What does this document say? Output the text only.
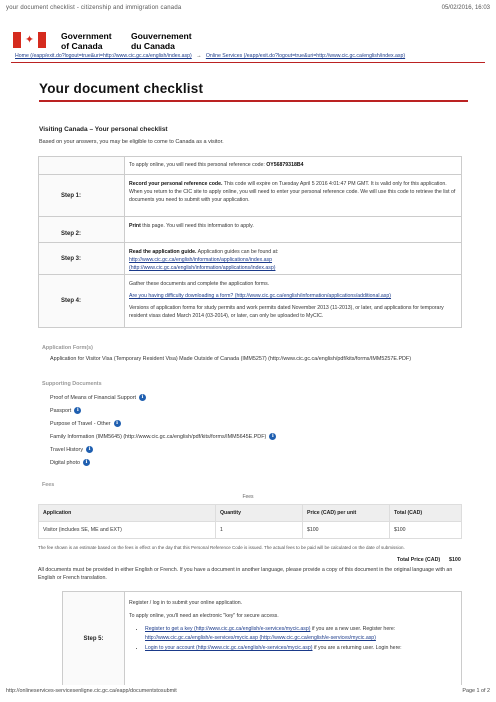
your document checklist - citizenship and immigration canada	05/02/2016, 16:03
✦	Government
of Canada
Gouvernement
du Canada
Home (/eapp/exit.do?logout=true&uri=http://www.cic.gc.ca/english/index.asp) → Online Services (/eapp/exit.do?logout=true&uri=http://www.cic.gc.ca/english/index.asp)
Your document checklist
Visiting Canada – Your personal checklist
Based on your answers, you may be eligible to come to Canada as a visitor.
To apply online, you will need this personal reference code: OY56879318B4
Step 1:
Record your personal reference code. This code will expire on Tuesday April 5 2016 4:01:47 PM GMT. It is valid only for this application. When you return to the CIC site to apply online, you will need to enter your personal reference code. We will use this code to retrieve the list of documents you need to submit with your application.
Step 2:
Print this page. You will need this information to apply.
Step 3:
Read the application guide. Application guides can be found at:
http://www.cic.gc.ca/english/information/applications/index.asp
(http://www.cic.gc.ca/english/information/applications/index.asp)
Step 4:
Gather these documents and complete the application forms.
Are you having difficulty downloading a form? (http://www.cic.gc.ca/english/information/applications/additional.asp)
Versions of application forms for study permits and work permits dated November 2013 (11-2013), or later, and applications for temporary resident visas dated March 2014 (03-2014), or later, can only be uploaded to MyCIC.
Application Form(s)
Application for Visitor Visa (Temporary Resident Visa) Made Outside of Canada (IMM5257) (http://www.cic.gc.ca/english/pdf/kits/forms/IMM5257E.PDF)
Supporting Documents
Proof of Means of Financial Support	i
Passport	i
Purpose of Travel - Other	i
Family Information (IMM5645) (http://www.cic.gc.ca/english/pdf/kits/forms/IMM5645E.PDF)	i
Travel History	i
Digital photo	i
Fees
Fees
Application	Quantity	Price (CAD) per unit	Total (CAD)
Visitor (includes SE, ME and EXT)	1	$100	$100
The fee shown is an estimate based on the fees in effect on the day that this Personal Reference Code is issued. The actual fees to be paid will be calculated on the date of submission.
Total Price (CAD) $100
All documents must be provided in either English or French. If you have a document in another language, please provide a copy of this document in the original language with an English or French translation.
Step 5:
Register / log in to submit your online application.
To apply online, you'll need an electronic "key" for secure access.
• Register to get a key (http://www.cic.gc.ca/english/e-services/mycic.asp) if you are a new user. Register here:
http://www.cic.gc.ca/english/e-services/mycic.asp (http://www.cic.gc.ca/english/e-services/mycic.asp)
• Login to your account (http://www.cic.gc.ca/english/e-services/mycic.asp) if you are a returning user. Login here:
http://onlineservices-servicesenligne.cic.gc.ca/eapp/documentstosubmit	Page 1 of 2
